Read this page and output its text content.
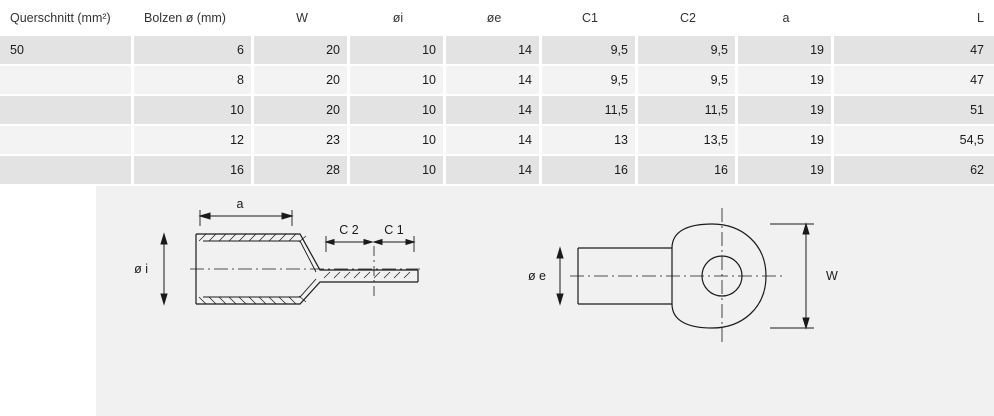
Querschnitt (mm²)	Bolzen ø (mm)	W	øi	øe	C1	C2	a	L
50	6	20	10	14	9,5	9,5	19	47
	8	20	10	14	9,5	9,5	19	47
	10	20	10	14	11,5	11,5	19	51
	12	23	10	14	13	13,5	19	54,5
	16	28	10	14	16	16	19	62
a
C 2 C 1
ø i	ø e	W
